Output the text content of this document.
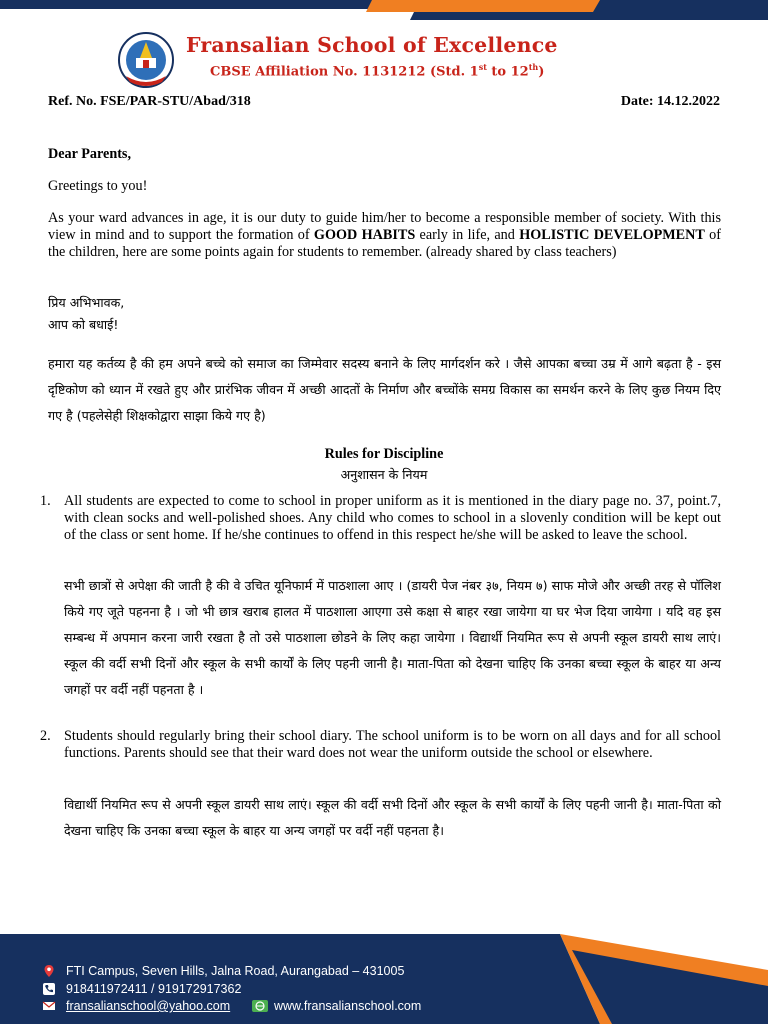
Fransalian School of Excellence
CBSE Affiliation No. 1131212 (Std. 1st to 12th)
Ref. No. FSE/PAR-STU/Abad/318	Date: 14.12.2022
Dear Parents,
Greetings to you!
As your ward advances in age, it is our duty to guide him/her to become a responsible member of society. With this view in mind and to support the formation of GOOD HABITS early in life, and HOLISTIC DEVELOPMENT of the children, here are some points again for students to remember. (already shared by class teachers)
प्रिय अभिभावक,
आप को बधाई!
हमारा यह कर्तव्य है की हम अपने बच्चे को समाज का जिम्मेवार सदस्य बनाने के लिए मार्गदर्शन करे । जैसे आपका बच्चा उम्र में आगे बढ़ता है - इस दृष्टिकोण को ध्यान में रखते हुए और प्रारंभिक जीवन में अच्छी आदतों के निर्माण और बच्चोंके समग्र विकास का समर्थन करने के लिए कुछ नियम दिए गए है (पहलेसेही शिक्षकोद्वारा साझा किये गए है)
Rules for Discipline
अनुशासन के नियम
1. All students are expected to come to school in proper uniform as it is mentioned in the diary page no. 37, point.7, with clean socks and well-polished shoes. Any child who comes to school in a slovenly condition will be kept out of the class or sent home. If he/she continues to offend in this respect he/she will be asked to leave the school.
सभी छात्रों से अपेक्षा की जाती है की वे उचित यूनिफार्म में पाठशाला आए । (डायरी पेज नंबर ३७, नियम ७) साफ मोजे और अच्छी तरह से पॉलिश किये गए जूते पहनना है । जो भी छात्र खराब हालत में पाठशाला आएगा उसे कक्षा से बाहर रखा जायेगा या घर भेज दिया जायेगा । यदि वह इस सम्बन्ध में अपमान करना जारी रखता है तो उसे पाठशाला छोडने के लिए कहा जायेगा । विद्यार्थी नियमित रूप से अपनी स्कूल डायरी साथ लाएं। स्कूल की वर्दी सभी दिनों और स्कूल के सभी कार्यों के लिए पहनी जानी है। माता-पिता को देखना चाहिए कि उनका बच्चा स्कूल के बाहर या अन्य जगहों पर वर्दी नहीं पहनता है ।
2. Students should regularly bring their school diary. The school uniform is to be worn on all days and for all school functions. Parents should see that their ward does not wear the uniform outside the school or elsewhere.
विद्यार्थी नियमित रूप से अपनी स्कूल डायरी साथ लाएं। स्कूल की वर्दी सभी दिनों और स्कूल के सभी कार्यों के लिए पहनी जानी है। माता-पिता को देखना चाहिए कि उनका बच्चा स्कूल के बाहर या अन्य जगहों पर वर्दी नहीं पहनता है।
FTI Campus, Seven Hills, Jalna Road, Aurangabad – 431005
918411972411 / 919172917362
fransalianschool@yahoo.com	www.fransalianschool.com
